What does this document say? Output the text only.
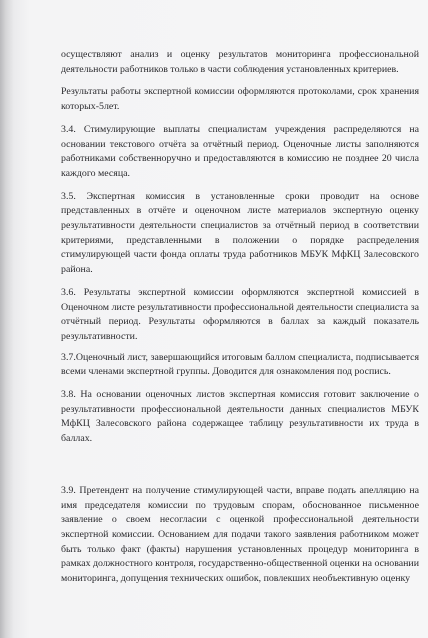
осуществляют анализ и оценку результатов мониторинга профессиональной деятельности работников только в части соблюдения установленных критериев.

Результаты работы экспертной комиссии оформляются протоколами, срок хранения которых-5лет.

3.4. Стимулирующие выплаты специалистам учреждения распределяются на основании текстового отчёта за отчётный период. Оценочные листы заполняются работниками собственноручно и предоставляются в комиссию не позднее 20 числа каждого месяца.

3.5. Экспертная комиссия в установленные сроки проводит на основе представленных в отчёте и оценочном листе материалов экспертную оценку результативности деятельности специалистов за отчётный период в соответствии критериями, представленными в положении о порядке распределения стимулирующей части фонда оплаты труда работников МБУК МфКЦ Залесовского района.

3.6. Результаты экспертной комиссии оформляются экспертной комиссией в Оценочном листе результативности профессиональной деятельности специалиста за отчётный период. Результаты оформляются в баллах за каждый показатель результативности.

3.7.Оценочный лист, завершающийся итоговым баллом специалиста, подписывается всеми членами экспертной группы. Доводится для ознакомления под роспись.

3.8. На основании оценочных листов экспертная комиссия готовит заключение о результативности профессиональной деятельности данных специалистов МБУК МфКЦ Залесовского района содержащее таблицу результативности их труда в баллах.

3.9. Претендент на получение стимулирующей части, вправе подать апелляцию на имя председателя комиссии по трудовым спорам, обоснованное письменное заявление о своем несогласии с оценкой профессиональной деятельности экспертной комиссии. Основанием для подачи такого заявления работником может быть только факт (факты) нарушения установленных процедур мониторинга в рамках должностного контроля, государственно-общественной оценки на основании мониторинга, допущения технических ошибок, повлекших необъективную оценку
